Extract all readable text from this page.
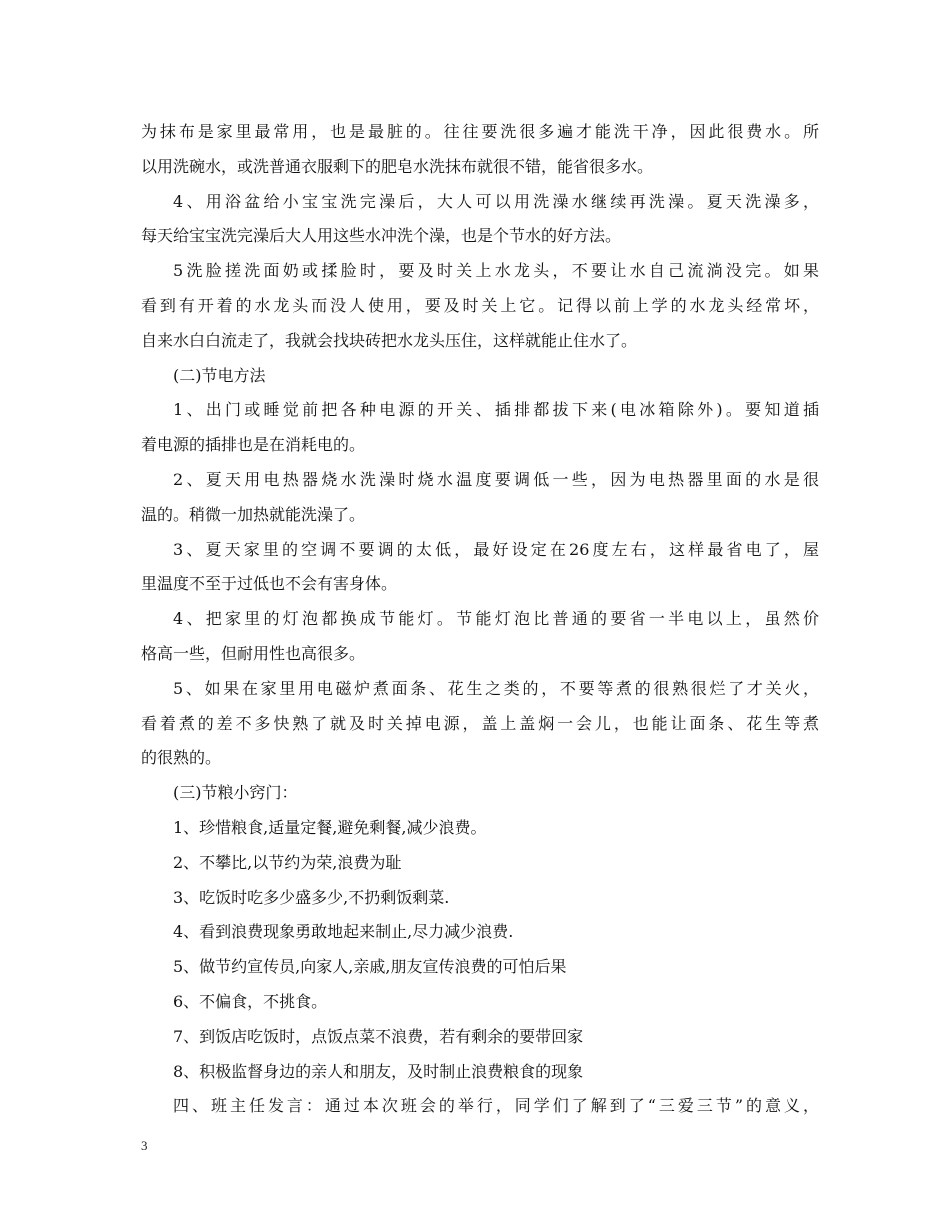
为抹布是家里最常用，也是最脏的。往往要洗很多遍才能洗干净，因此很费水。所
以用洗碗水，或洗普通衣服剩下的肥皂水洗抹布就很不错，能省很多水。
4、用浴盆给小宝宝洗完澡后，大人可以用洗澡水继续再洗澡。夏天洗澡多，
每天给宝宝洗完澡后大人用这些水冲洗个澡，也是个节水的好方法。
5洗脸搓洗面奶或揉脸时，要及时关上水龙头，不要让水自己流淌没完。如果
看到有开着的水龙头而没人使用，要及时关上它。记得以前上学的水龙头经常坏，
自来水白白流走了，我就会找块砖把水龙头压住，这样就能止住水了。
(二)节电方法
1、出门或睡觉前把各种电源的开关、插排都拔下来(电冰箱除外)。要知道插
着电源的插排也是在消耗电的。
2、夏天用电热器烧水洗澡时烧水温度要调低一些，因为电热器里面的水是很
温的。稍微一加热就能洗澡了。
3、夏天家里的空调不要调的太低，最好设定在26度左右，这样最省电了，屋
里温度不至于过低也不会有害身体。
4、把家里的灯泡都换成节能灯。节能灯泡比普通的要省一半电以上，虽然价
格高一些，但耐用性也高很多。
5、如果在家里用电磁炉煮面条、花生之类的，不要等煮的很熟很烂了才关火，
看着煮的差不多快熟了就及时关掉电源，盖上盖焖一会儿，也能让面条、花生等煮
的很熟的。
(三)节粮小窍门：
1、珍惜粮食,适量定餐,避免剩餐,减少浪费。
2、不攀比,以节约为荣,浪费为耻
3、吃饭时吃多少盛多少,不扔剩饭剩菜.
4、看到浪费现象勇敢地起来制止,尽力减少浪费.
5、做节约宣传员,向家人,亲戚,朋友宣传浪费的可怕后果
6、不偏食，不挑食。
7、到饭店吃饭时，点饭点菜不浪费，若有剩余的要带回家
8、积极监督身边的亲人和朋友，及时制止浪费粮食的现象
四、班主任发言：通过本次班会的举行，同学们了解到了“三爱三节”的意义，
3
